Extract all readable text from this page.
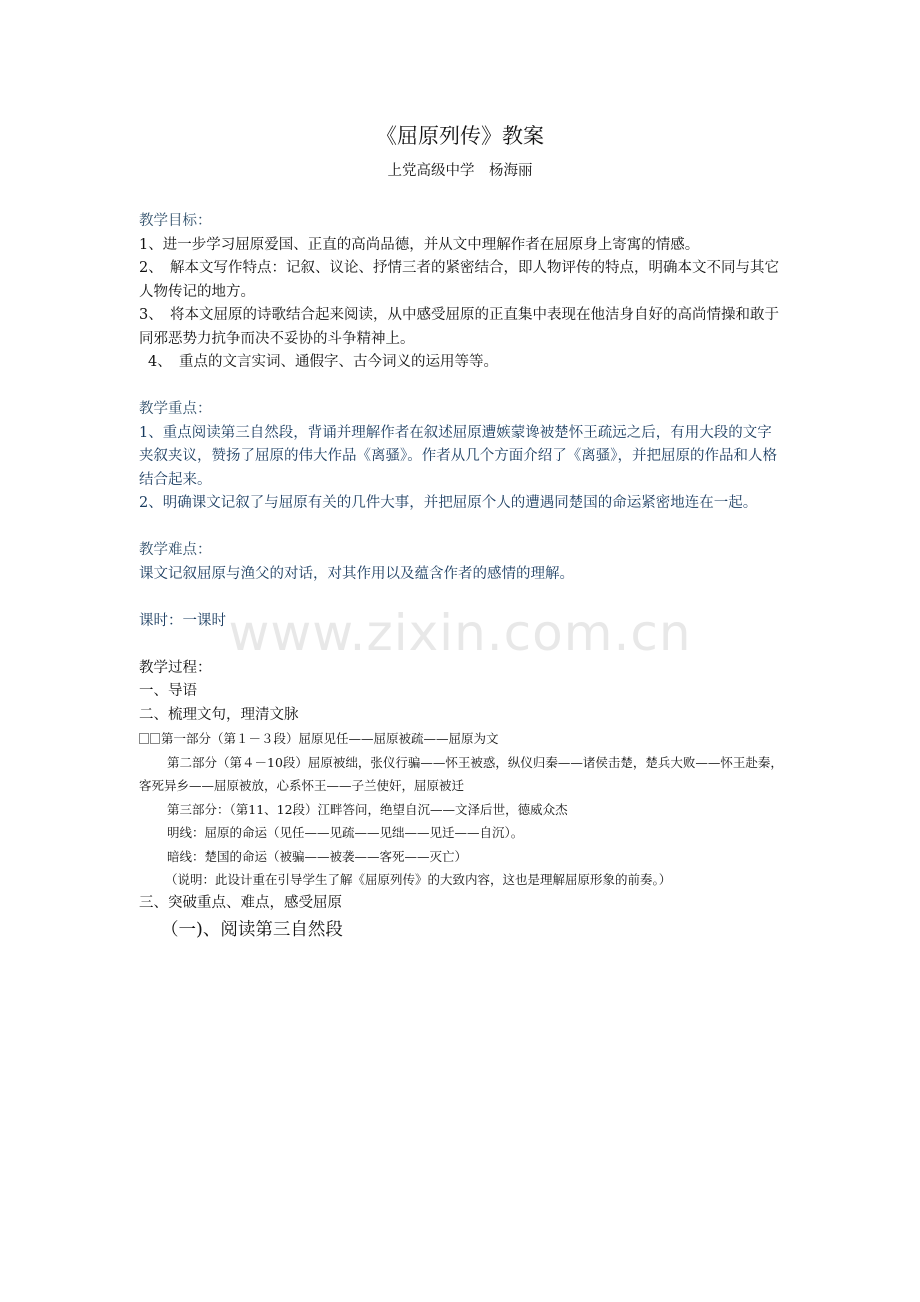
《屈原列传》教案
上党高级中学　杨海丽

教学目标：

1、进一步学习屈原爱国、正直的高尚品德，并从文中理解作者在屈原身上寄寓的情感。

2、　解本文写作特点：记叙、议论、抒情三者的紧密结合，即人物评传的特点，明确本文不同与其它人物传记的地方。

3、　将本文屈原的诗歌结合起来阅读，从中感受屈原的正直集中表现在他洁身自好的高尚情操和敢于同邪恶势力抗争而决不妥协的斗争精神上。

4、　重点的文言实词、通假字、古今词义的运用等等。

教学重点：

1、重点阅读第三自然段，背诵并理解作者在叙述屈原遭嫉蒙谗被楚怀王疏远之后，有用大段的文字夹叙夹议，赞扬了屈原的伟大作品《离骚》。作者从几个方面介绍了《离骚》，并把屈原的作品和人格结合起来。

2、明确课文记叙了与屈原有关的几件大事，并把屈原个人的遭遇同楚国的命运紧密地连在一起。

教学难点：

课文记叙屈原与渔父的对话，对其作用以及蕴含作者的感情的理解。

课时：一课时

教学过程：

一、导语

二、梳理文句，理清文脉

第一部分（第１－３段）屈原见任——屈原被疏——屈原为文

第二部分（第４－10段）屈原被绌，张仪行骗——怀王被惑，纵仪归秦——诸侯击楚，楚兵大败——怀王赴秦，客死异乡——屈原被放，心系怀王——子兰使奸，屈原被迁

第三部分：（第11、12段）江畔答问，绝望自沉——文泽后世，德威众杰

明线：屈原的命运（见任——见疏——见绌——见迁——自沉）。

暗线：楚国的命运（被骗——被袭——客死——灭亡）

（说明：此设计重在引导学生了解《屈原列传》的大致内容，这也是理解屈原形象的前奏。）

三、突破重点、难点，感受屈原

（一)、阅读第三自然段

www.zixin.com.cn
